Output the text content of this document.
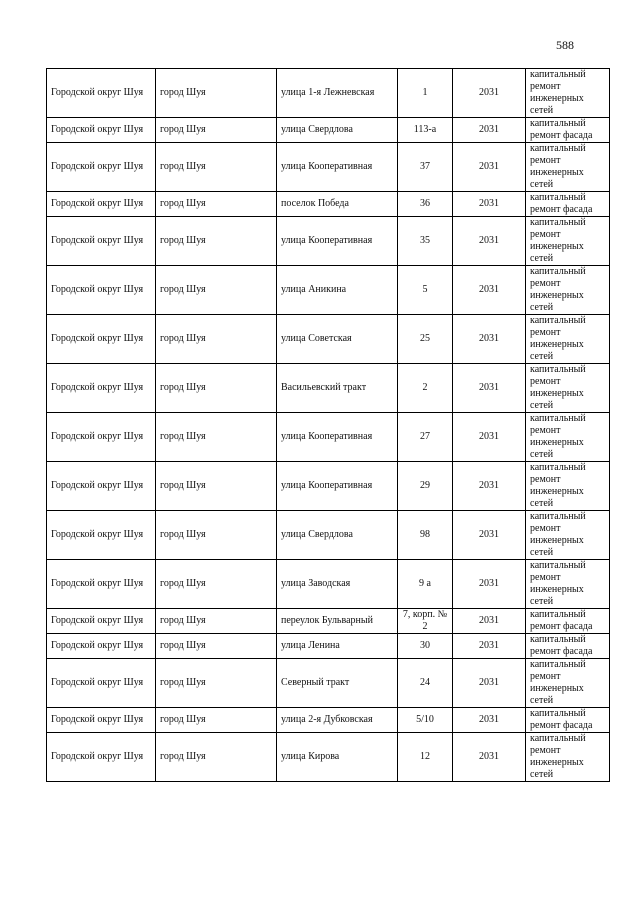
588
Городской округ Шуя	город Шуя	улица 1-я Лежневская	1	2031	капитальный ремонт инженерных сетей
Городской округ Шуя	город Шуя	улица Свердлова	113-а	2031	капитальный ремонт фасада
Городской округ Шуя	город Шуя	улица Кооперативная	37	2031	капитальный ремонт инженерных сетей
Городской округ Шуя	город Шуя	поселок Победа	36	2031	капитальный ремонт фасада
Городской округ Шуя	город Шуя	улица Кооперативная	35	2031	капитальный ремонт инженерных сетей
Городской округ Шуя	город Шуя	улица Аникина	5	2031	капитальный ремонт инженерных сетей
Городской округ Шуя	город Шуя	улица Советская	25	2031	капитальный ремонт инженерных сетей
Городской округ Шуя	город Шуя	Васильевский тракт	2	2031	капитальный ремонт инженерных сетей
Городской округ Шуя	город Шуя	улица Кооперативная	27	2031	капитальный ремонт инженерных сетей
Городской округ Шуя	город Шуя	улица Кооперативная	29	2031	капитальный ремонт инженерных сетей
Городской округ Шуя	город Шуя	улица Свердлова	98	2031	капитальный ремонт инженерных сетей
Городской округ Шуя	город Шуя	улица Заводская	9 а	2031	капитальный ремонт инженерных сетей
Городской округ Шуя	город Шуя	переулок Бульварный	7, корп. № 2	2031	капитальный ремонт фасада
Городской округ Шуя	город Шуя	улица Ленина	30	2031	капитальный ремонт фасада
Городской округ Шуя	город Шуя	Северный тракт	24	2031	капитальный ремонт инженерных сетей
Городской округ Шуя	город Шуя	улица 2-я Дубковская	5/10	2031	капитальный ремонт фасада
Городской округ Шуя	город Шуя	улица Кирова	12	2031	капитальный ремонт инженерных сетей
